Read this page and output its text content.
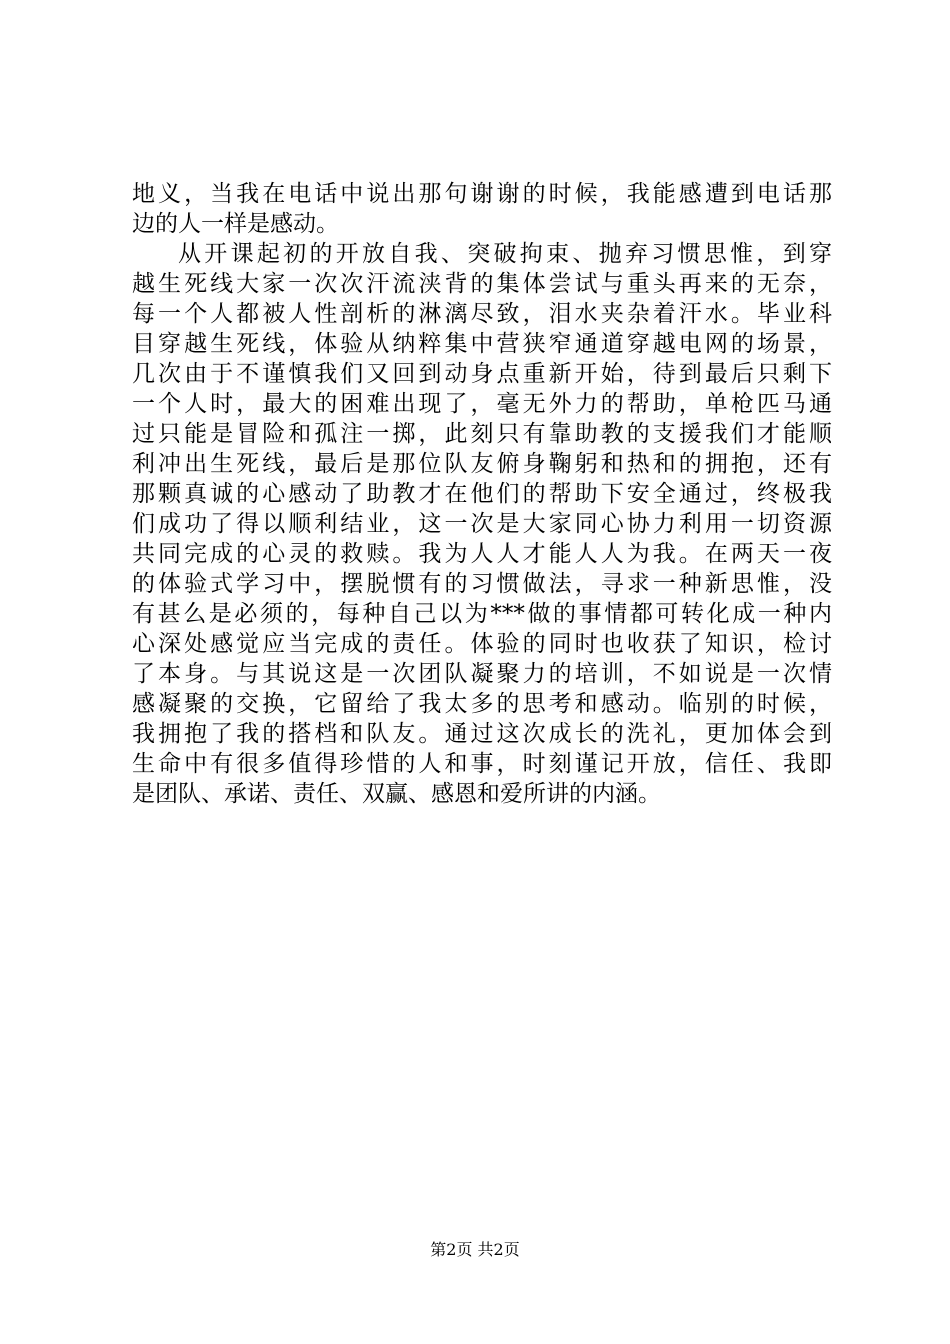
地义，当我在电话中说出那句谢谢的时候，我能感遭到电话那
边的人一样是感动。
从开课起初的开放自我、突破拘束、抛弃习惯思惟，到穿
越生死线大家一次次汗流浃背的集体尝试与重头再来的无奈，
每一个人都被人性剖析的淋漓尽致，泪水夹杂着汗水。毕业科
目穿越生死线，体验从纳粹集中营狭窄通道穿越电网的场景，
几次由于不谨慎我们又回到动身点重新开始，待到最后只剩下
一个人时，最大的困难出现了，毫无外力的帮助，单枪匹马通
过只能是冒险和孤注一掷，此刻只有靠助教的支援我们才能顺
利冲出生死线，最后是那位队友俯身鞠躬和热和的拥抱，还有
那颗真诚的心感动了助教才在他们的帮助下安全通过，终极我
们成功了得以顺利结业，这一次是大家同心协力利用一切资源
共同完成的心灵的救赎。我为人人才能人人为我。在两天一夜
的体验式学习中，摆脱惯有的习惯做法，寻求一种新思惟，没
有甚么是必须的，每种自己以为***做的事情都可转化成一种内
心深处感觉应当完成的责任。体验的同时也收获了知识，检讨
了本身。与其说这是一次团队凝聚力的培训，不如说是一次情
感凝聚的交换，它留给了我太多的思考和感动。临别的时候，
我拥抱了我的搭档和队友。通过这次成长的洗礼，更加体会到
生命中有很多值得珍惜的人和事，时刻谨记开放，信任、我即
是团队、承诺、责任、双赢、感恩和爱所讲的内涵。
第2页 共2页
